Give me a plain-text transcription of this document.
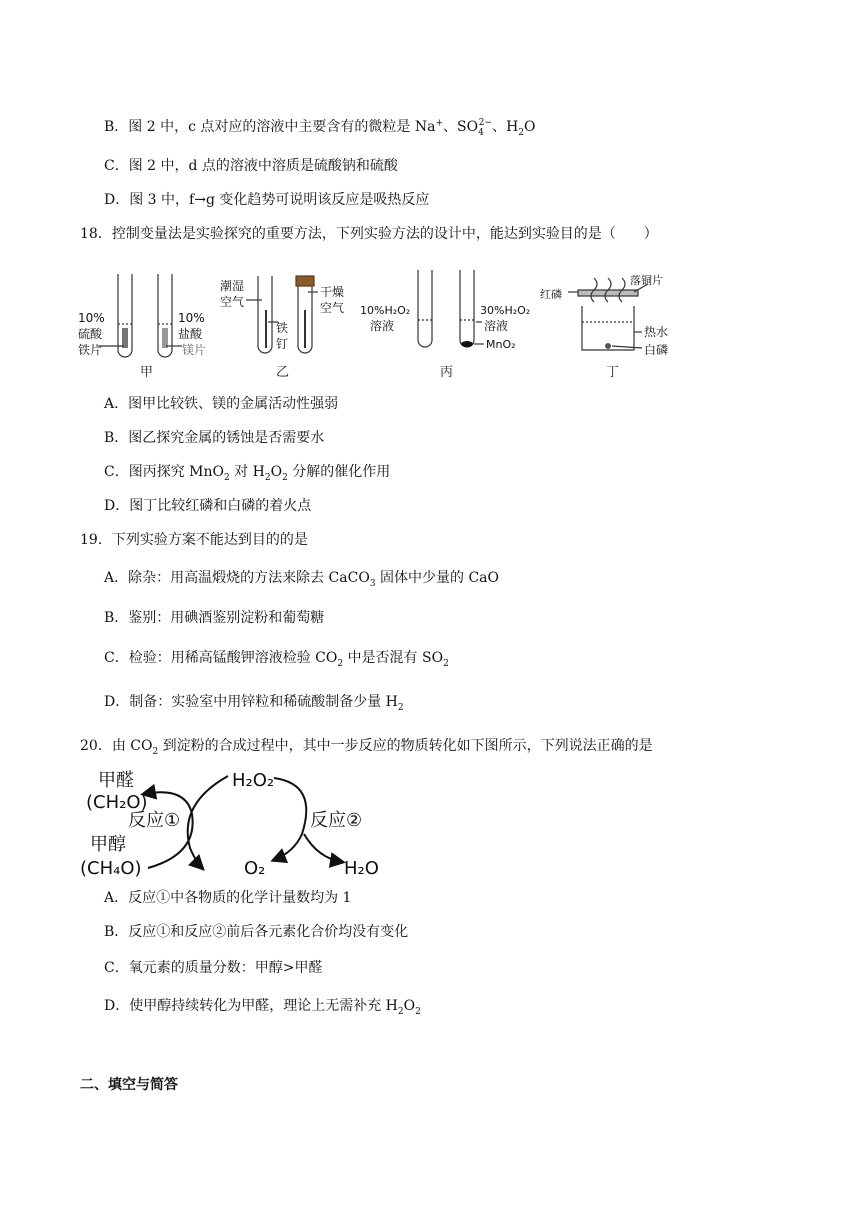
B．图 2 中，c 点对应的溶液中主要含有的微粒是 Na+、$SO_4^{2-}$、$H_2O$
C．图 2 中，d 点的溶液中溶质是硫酸钠和硫酸
D．图 3 中，f→g 变化趋势可说明该反应是吸热反应
18．控制变量法是实验探究的重要方法，下列实验方法的设计中，能达到实验目的是（　　）
10%
硫酸
铁片
10%
盐酸
镁片
甲
潮湿
空气
干燥
空气
铁
钉
乙
10%H₂O₂
溶液
30%H₂O₂
溶液
MnO₂
丙
红磷
落铜片
热水
白磷
丁
A．图甲比较铁、镁的金属活动性强弱
B．图乙探究金属的锈蚀是否需要水
C．图丙探究 MnO$_2$ 对 $H_2O_2$ 分解的催化作用
D．图丁比较红磷和白磷的着火点
19．下列实验方案不能达到目的的是
A．除杂：用高温煅烧的方法来除去 CaCO$_3$ 固体中少量的 CaO
B．鉴别：用碘酒鉴别淀粉和葡萄糖
C．检验：用稀高锰酸钾溶液检验 $CO_2$ 中是否混有 $SO_2$
D．制备：实验室中用锌粒和稀硫酸制备少量 $H_2$
20．由 $CO_2$ 到淀粉的合成过程中，其中一步反应的物质转化如下图所示，下列说法正确的是
甲醛
(CH₂O)
反应①
甲醇
(CH₄O)
H₂O₂
反应②
O₂	H₂O
A．反应①中各物质的化学计量数均为 1
B．反应①和反应②前后各元素化合价均没有变化
C．氧元素的质量分数：甲醇>甲醛
D．使甲醇持续转化为甲醛，理论上无需补充 $H_2O_2$
二、填空与简答
